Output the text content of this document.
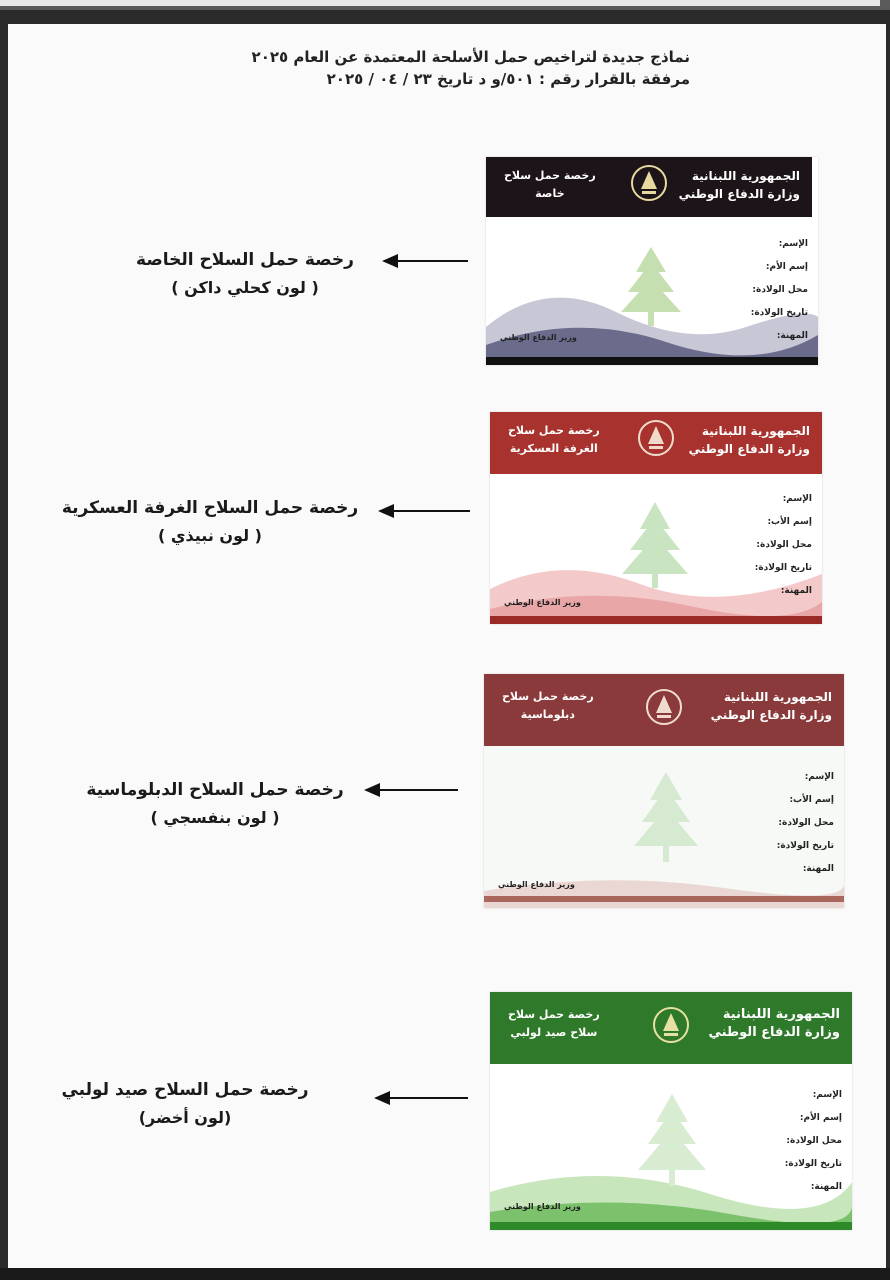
نماذج جديدة لتراخيص حمل الأسلحة المعتمدة عن العام ٢٠٢٥
مرفقة بالقرار رقم : ٥٠١/و د تاريخ ٢٣ / ٠٤ / ٢٠٢٥
رخصة حمل السلاح الخاصة
( لون كحلي داكن )
رخصة حمل السلاح الغرفة العسكرية
( لون نبيذي )
رخصة حمل السلاح الدبلوماسية
( لون بنفسجي )
رخصة حمل السلاح صيد لولبي
(لون أخضر)
الجمهورية اللبنانية
وزارة الدفاع الوطني
رخصة حمل سلاح
خاصة
الإسم:
إسم الأم:
محل الولادة:
تاريخ الولادة:
المهنة:
وزير الدفاع الوطني
الجمهورية اللبنانية
وزارة الدفاع الوطني
رخصة حمل سلاح
الغرفة العسكرية
الإسم:
إسم الأب:
محل الولادة:
تاريخ الولادة:
المهنة:
وزير الدفاع الوطني
الجمهورية اللبنانية
وزارة الدفاع الوطني
رخصة حمل سلاح
دبلوماسية
الإسم:
إسم الأب:
محل الولادة:
تاريخ الولادة:
المهنة:
وزير الدفاع الوطني
الجمهورية اللبنانية
وزارة الدفاع الوطني
رخصة حمل سلاح
سلاح صيد لولبي
الإسم:
إسم الأم:
محل الولادة:
تاريخ الولادة:
المهنة:
وزير الدفاع الوطني
